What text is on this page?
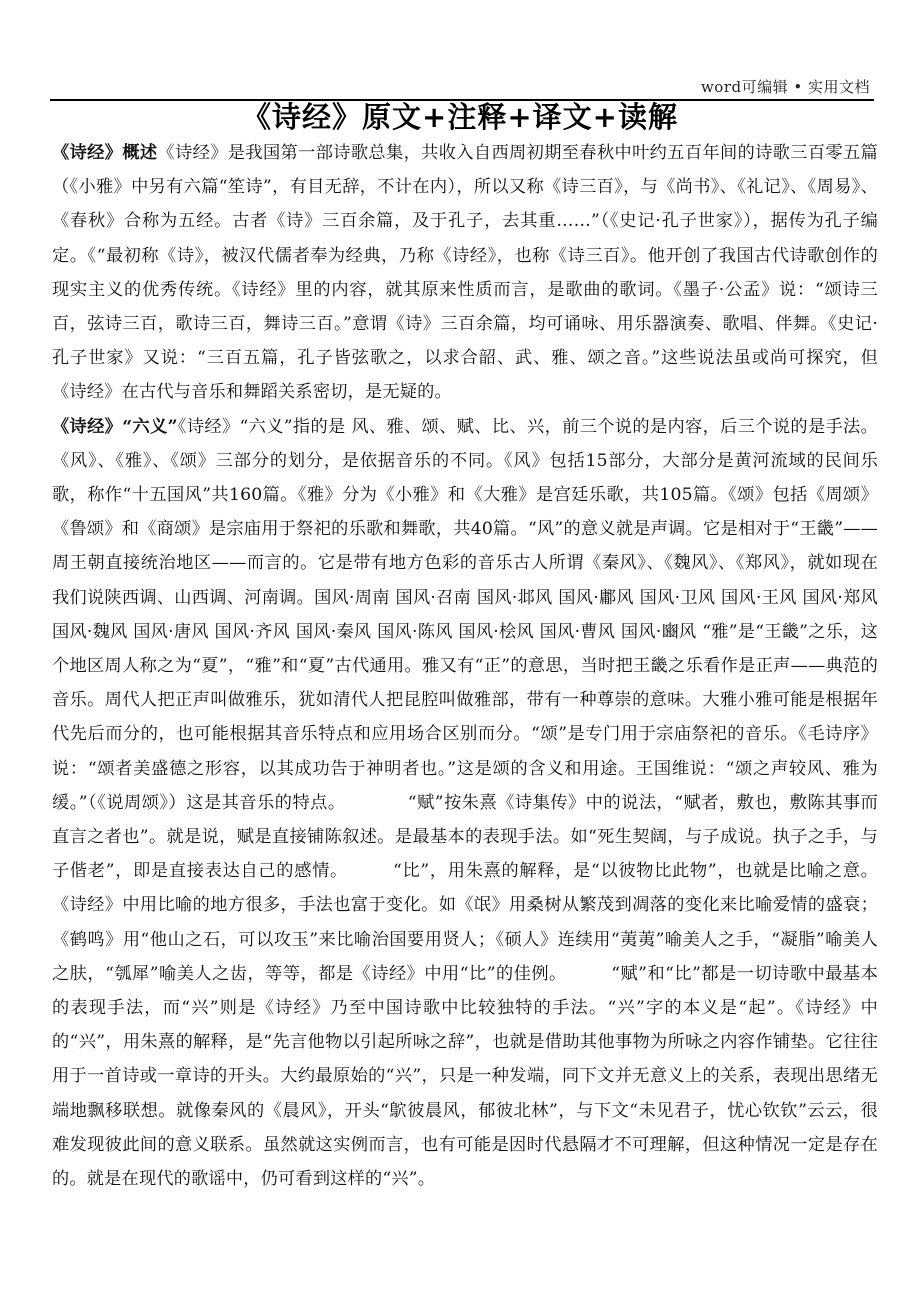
word可编辑 • 实用文档
《诗经》原文+注释+译文+读解

《诗经》概述《诗经》是我国第一部诗歌总集，共收入自西周初期至春秋中叶约五百年间的诗歌三百零五篇（《小雅》中另有六篇“笙诗”，有目无辞，不计在内），所以又称《诗三百》，与《尚书》、《礼记》、《周易》、《春秋》合称为五经。古者《诗》三百余篇，及于孔子，去其重……”（《史记·孔子世家》），据传为孔子编定。《“最初称《诗》，被汉代儒者奉为经典，乃称《诗经》，也称《诗三百》。他开创了我国古代诗歌创作的现实主义的优秀传统。《诗经》里的内容，就其原来性质而言，是歌曲的歌词。《墨子·公孟》说：“颂诗三百，弦诗三百，歌诗三百，舞诗三百。”意谓《诗》三百余篇，均可诵咏、用乐器演奏、歌唱、伴舞。《史记·孔子世家》又说：“三百五篇，孔子皆弦歌之，以求合韶、武、雅、颂之音。”这些说法虽或尚可探究，但《诗经》在古代与音乐和舞蹈关系密切，是无疑的。

《诗经》“六义”《诗经》“六义”指的是 风、雅、颂、赋、比、兴，前三个说的是内容，后三个说的是手法。《风》、《雅》、《颂》三部分的划分，是依据音乐的不同。《风》包括15部分，大部分是黄河流域的民间乐歌，称作“十五国风”共160篇。《雅》分为《小雅》和《大雅》是宫廷乐歌，共105篇。《颂》包括《周颂》《鲁颂》和《商颂》是宗庙用于祭祀的乐歌和舞歌，共40篇。“风”的意义就是声调。它是相对于“王畿”——周王朝直接统治地区——而言的。它是带有地方色彩的音乐古人所谓《秦风》、《魏风》、《郑风》，就如现在我们说陕西调、山西调、河南调。国风·周南 国风·召南 国风·邶风 国风·鄘风 国风·卫风 国风·王风 国风·郑风 国风·魏风 国风·唐风 国风·齐风 国风·秦风 国风·陈风 国风·桧风 国风·曹风 国风·豳风 “雅”是“王畿”之乐，这个地区周人称之为“夏”，“雅”和“夏”古代通用。雅又有“正”的意思，当时把王畿之乐看作是正声——典范的音乐。周代人把正声叫做雅乐，犹如清代人把昆腔叫做雅部，带有一种尊崇的意味。大雅小雅可能是根据年代先后而分的，也可能根据其音乐特点和应用场合区别而分。“颂”是专门用于宗庙祭祀的音乐。《毛诗序》说：“颂者美盛德之形容，以其成功告于神明者也。”这是颂的含义和用途。王国维说：“颂之声较风、雅为缓。”（《说周颂》）这是其音乐的特点。　　　　“赋”按朱熹《诗集传》中的说法，“赋者，敷也，敷陈其事而直言之者也”。就是说，赋是直接铺陈叙述。是最基本的表现手法。如“死生契阔，与子成说。执子之手，与子偕老”，即是直接表达自己的感情。　　　“比”，用朱熹的解释，是“以彼物比此物”，也就是比喻之意。《诗经》中用比喻的地方很多，手法也富于变化。如《氓》用桑树从繁茂到凋落的变化来比喻爱情的盛衰；《鹤鸣》用“他山之石，可以攻玉”来比喻治国要用贤人；《硕人》连续用“荑荑”喻美人之手，“凝脂”喻美人之肤，“瓠犀”喻美人之齿，等等，都是《诗经》中用“比”的佳例。　　　“赋”和“比”都是一切诗歌中最基本的表现手法，而“兴”则是《诗经》乃至中国诗歌中比较独特的手法。“兴”字的本义是“起”。《诗经》中的“兴”，用朱熹的解释，是“先言他物以引起所咏之辞”，也就是借助其他事物为所咏之内容作铺垫。它往往用于一首诗或一章诗的开头。大约最原始的“兴”，只是一种发端，同下文并无意义上的关系，表现出思绪无端地飘移联想。就像秦风的《晨风》，开头“鴥彼晨风，郁彼北林”，与下文“未见君子，忧心钦钦”云云，很难发现彼此间的意义联系。虽然就这实例而言，也有可能是因时代悬隔才不可理解，但这种情况一定是存在的。就是在现代的歌谣中，仍可看到这样的“兴”。
